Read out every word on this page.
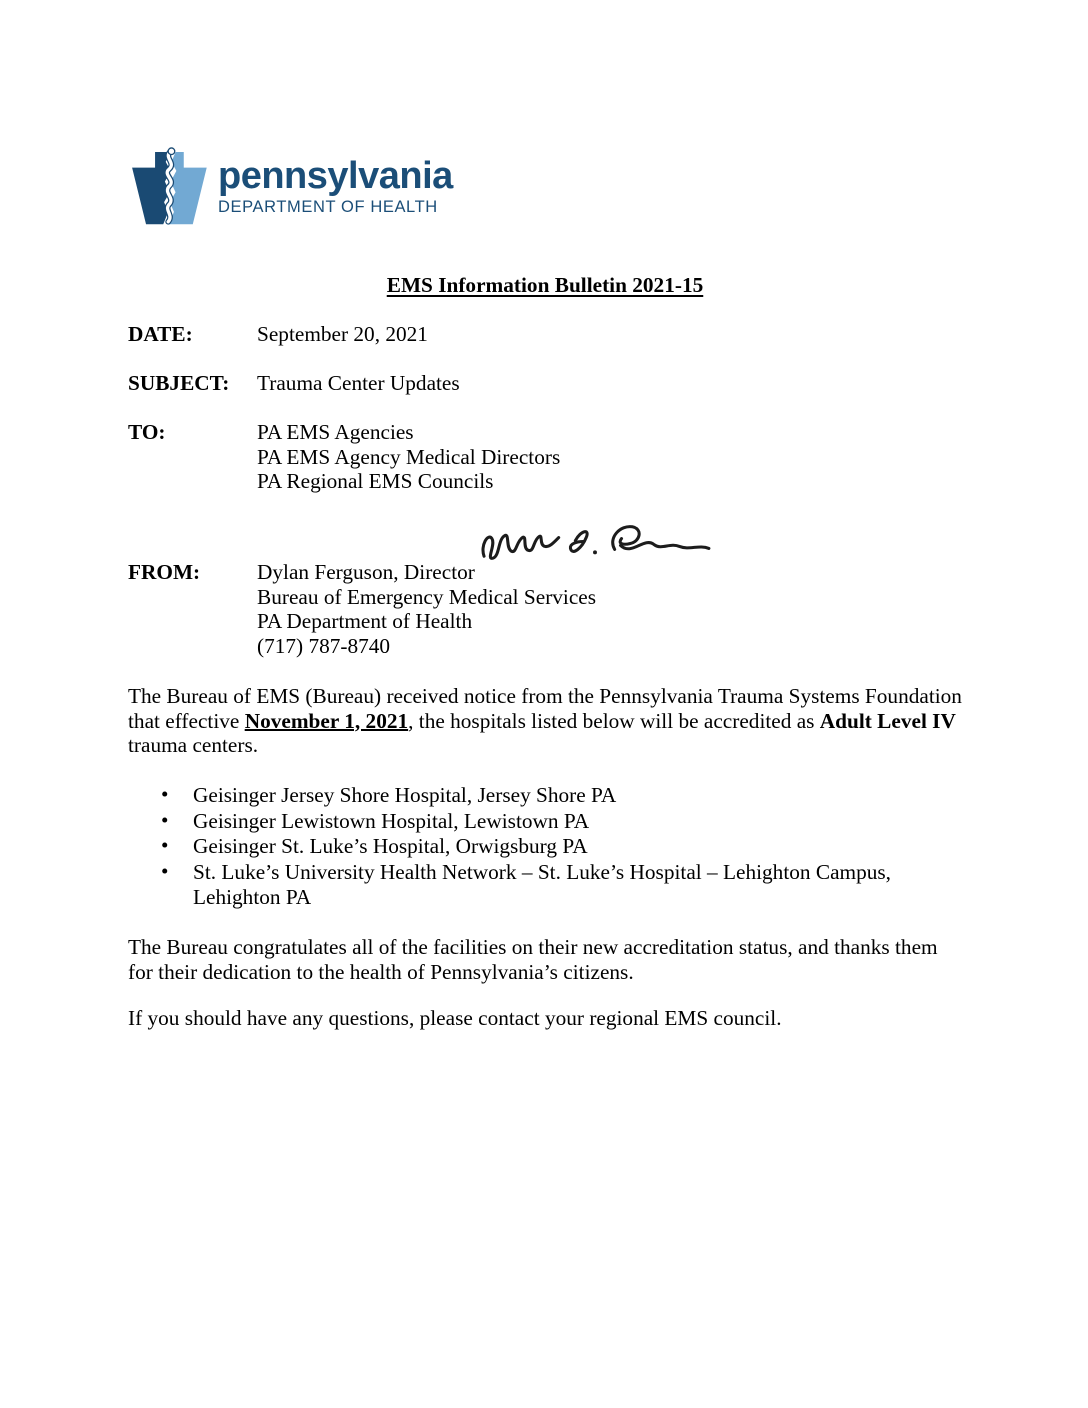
pennsylvania
DEPARTMENT OF HEALTH
EMS Information Bulletin 2021-15
DATE:	September 20, 2021
SUBJECT:	Trauma Center Updates
TO:	PA EMS Agencies
PA EMS Agency Medical Directors
PA Regional EMS Councils
FROM:	Dylan Ferguson, Director
Bureau of Emergency Medical Services
PA Department of Health
(717) 787-8740
The Bureau of EMS (Bureau) received notice from the Pennsylvania Trauma Systems Foundation that effective November 1, 2021, the hospitals listed below will be accredited as Adult Level IV trauma centers.
• Geisinger Jersey Shore Hospital, Jersey Shore PA
• Geisinger Lewistown Hospital, Lewistown PA
• Geisinger St. Luke’s Hospital, Orwigsburg PA
• St. Luke’s University Health Network – St. Luke’s Hospital – Lehighton Campus, Lehighton PA
The Bureau congratulates all of the facilities on their new accreditation status, and thanks them for their dedication to the health of Pennsylvania’s citizens.
If you should have any questions, please contact your regional EMS council.
